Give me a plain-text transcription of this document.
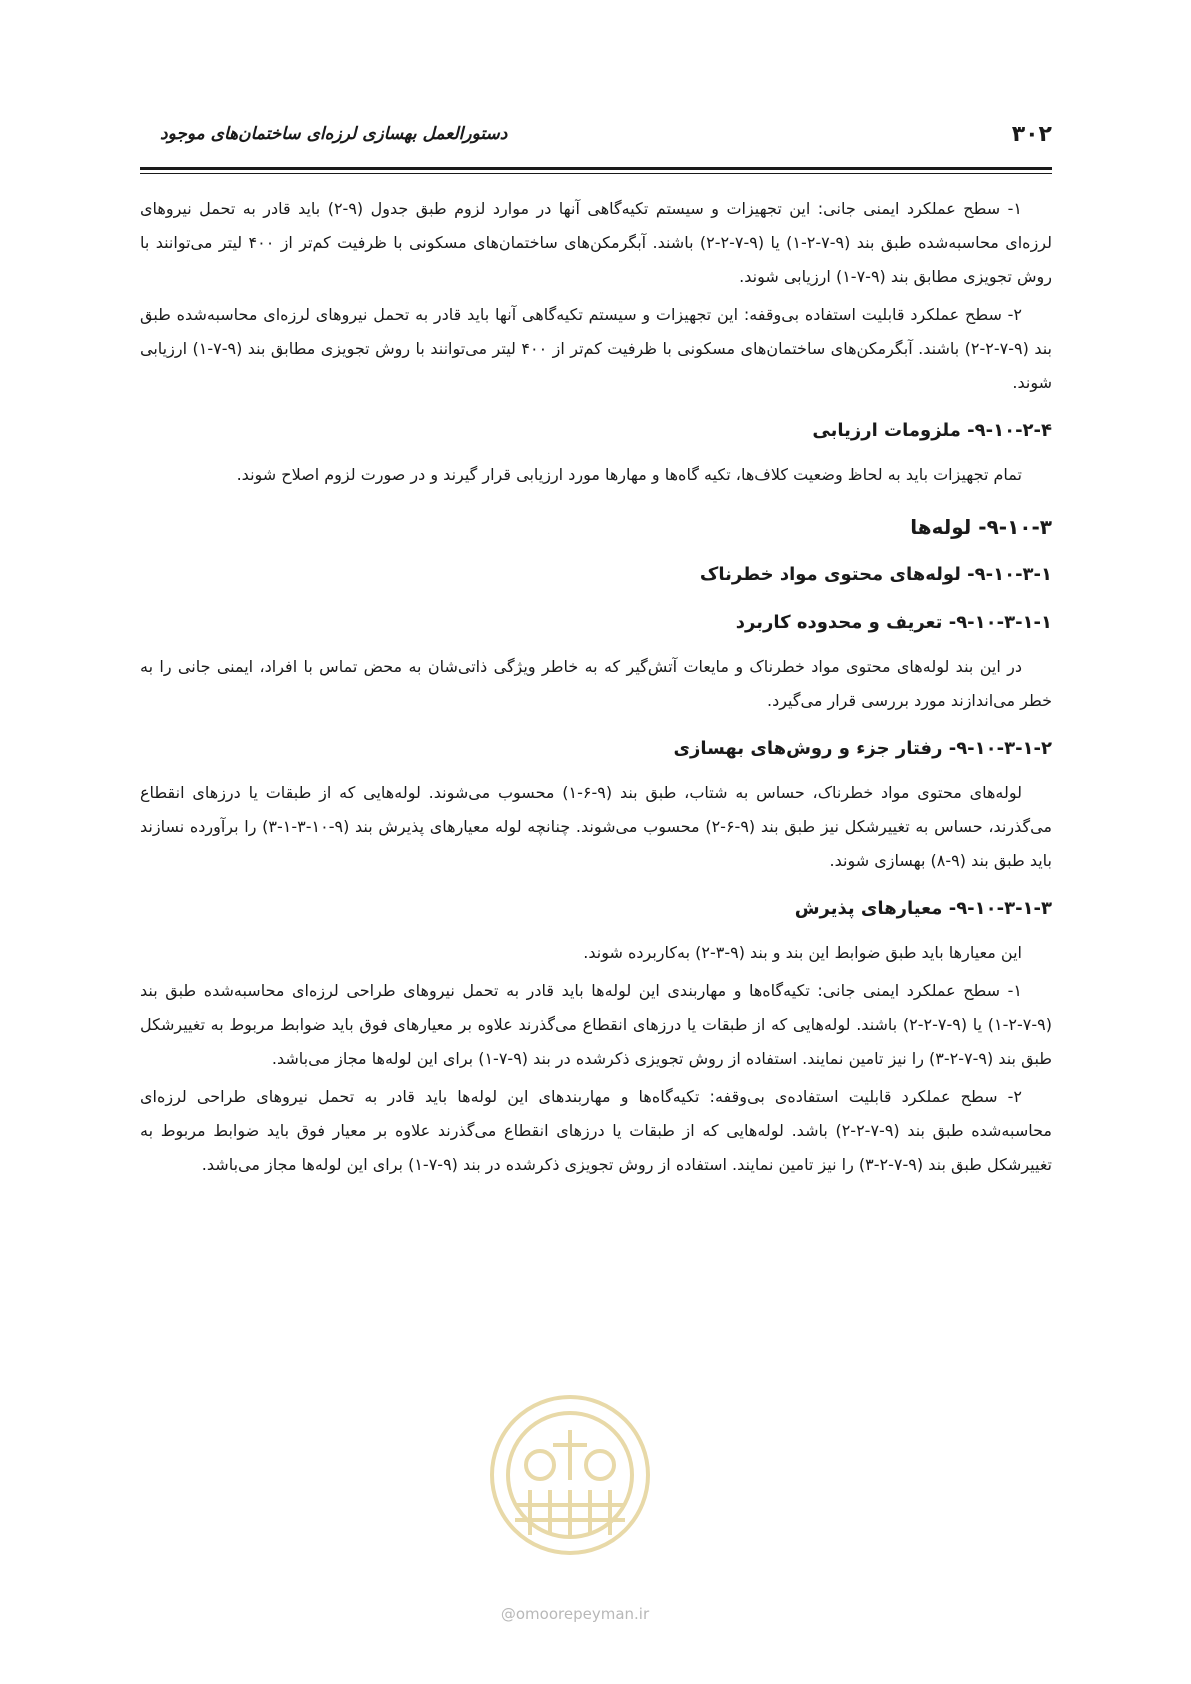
۳۰۲
دستورالعمل بهسازی لرزه‌ای ساختمان‌های موجود

۱- سطح عملکرد ایمنی جانی: این تجهیزات و سیستم تکیه‌گاهی آنها در موارد لزوم طبق جدول (۹-۲) باید قادر به تحمل نیروهای لرزه‌ای محاسبه‌شده طبق بند (۹-۷-۲-۱) یا (۹-۷-۲-۲) باشند. آبگرمکن‌های ساختمان‌های مسکونی با ظرفیت کم‌تر از ۴۰۰ لیتر می‌توانند با روش تجویزی مطابق بند (۹-۷-۱) ارزیابی شوند.

۲- سطح عملکرد قابلیت استفاده بی‌وقفه: این تجهیزات و سیستم تکیه‌گاهی آنها باید قادر به تحمل نیروهای لرزه‌ای محاسبه‌شده طبق بند (۹-۷-۲-۲) باشند. آبگرمکن‌های ساختمان‌های مسکونی با ظرفیت کم‌تر از ۴۰۰ لیتر می‌توانند با روش تجویزی مطابق بند (۹-۷-۱) ارزیابی شوند.

۹-۱۰-۲-۴- ملزومات ارزیابی

تمام تجهیزات باید به لحاظ وضعیت کلاف‌ها، تکیه گاه‌ها و مهارها مورد ارزیابی قرار گیرند و در صورت لزوم اصلاح شوند.

۹-۱۰-۳- لوله‌ها
۹-۱۰-۳-۱- لوله‌های محتوی مواد خطرناک
۹-۱۰-۳-۱-۱- تعریف و محدوده کاربرد

در این بند لوله‌های محتوی مواد خطرناک و مایعات آتش‌گیر که به خاطر ویژگی ذاتی‌شان به محض تماس با افراد، ایمنی جانی را به خطر می‌اندازند مورد بررسی قرار می‌گیرد.

۹-۱۰-۳-۱-۲- رفتار جزء و روش‌های بهسازی

لوله‌های محتوی مواد خطرناک، حساس به شتاب، طبق بند (۹-۶-۱) محسوب می‌شوند. لوله‌هایی که از طبقات یا درزهای انقطاع می‌گذرند، حساس به تغییرشکل نیز طبق بند (۹-۶-۲) محسوب می‌شوند. چنانچه لوله معیارهای پذیرش بند (۹-۱۰-۳-۱-۳) را برآورده نسازند باید طبق بند (۹-۸) بهسازی شوند.

۹-۱۰-۳-۱-۳- معیارهای پذیرش

این معیارها باید طبق ضوابط این بند و بند (۹-۳-۲) به‌کاربرده شوند.

۱- سطح عملکرد ایمنی جانی: تکیه‌گاه‌ها و مهاربندی این لوله‌ها باید قادر به تحمل نیروهای طراحی لرزه‌ای محاسبه‌شده طبق بند (۹-۷-۲-۱) یا (۹-۷-۲-۲) باشند. لوله‌هایی که از طبقات یا درزهای انقطاع می‌گذرند علاوه بر معیارهای فوق باید ضوابط مربوط به تغییرشکل طبق بند (۹-۷-۲-۳) را نیز تامین نمایند. استفاده از روش تجویزی ذکرشده در بند (۹-۷-۱) برای این لوله‌ها مجاز می‌باشد.

۲- سطح عملکرد قابلیت استفاده‌ی بی‌وقفه: تکیه‌گاه‌ها و مهاربندهای این لوله‌ها باید قادر به تحمل نیروهای طراحی لرزه‌ای محاسبه‌شده طبق بند (۹-۷-۲-۲) باشد. لوله‌هایی که از طبقات یا درزهای انقطاع می‌گذرند علاوه بر معیار فوق باید ضوابط مربوط به تغییرشکل طبق بند (۹-۷-۲-۳) را نیز تامین نمایند. استفاده از روش تجویزی ذکرشده در بند (۹-۷-۱) برای این لوله‌ها مجاز می‌باشد.

@omoorepeyman.ir
